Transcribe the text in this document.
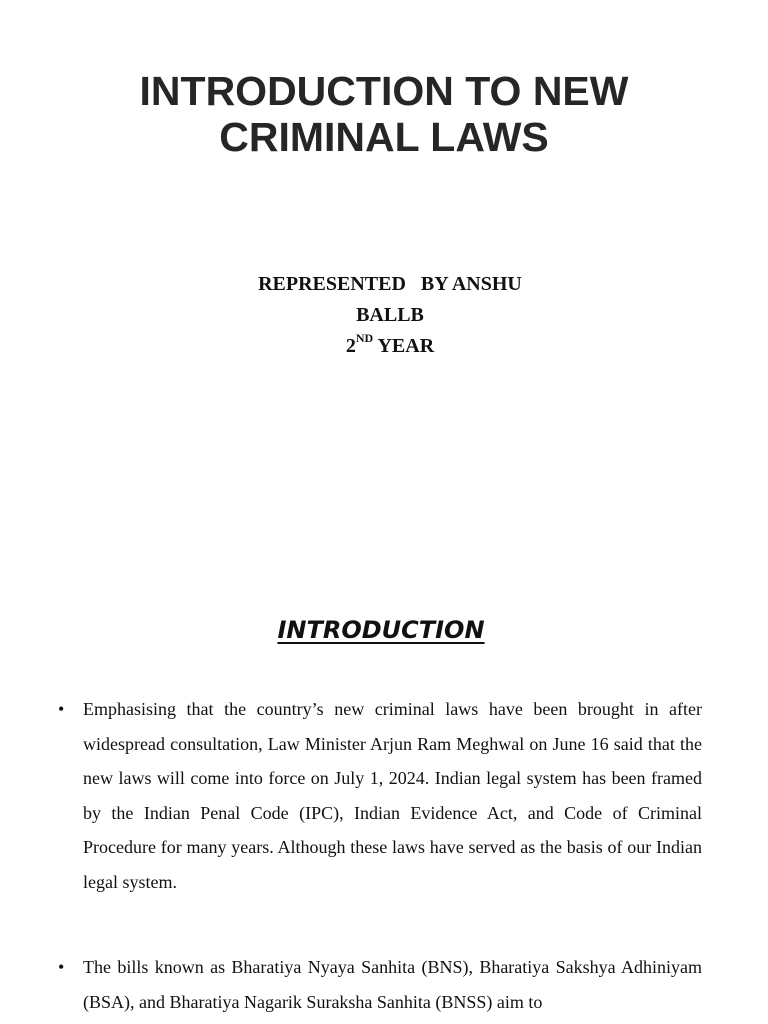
INTRODUCTION TO NEW
CRIMINAL LAWS
REPRESENTED   BY ANSHU
BALLB
2ND YEAR
INTRODUCTION
• Emphasising that the country’s new criminal laws have been brought in after widespread consultation, Law Minister Arjun Ram Meghwal on June 16 said that the new laws will come into force on July 1, 2024. Indian legal system has been framed by the Indian Penal Code (IPC), Indian Evidence Act, and Code of Criminal Procedure for many years. Although these laws have served as the basis of our Indian legal system.
• The bills known as Bharatiya Nyaya Sanhita (BNS), Bharatiya Sakshya Adhiniyam (BSA), and Bharatiya Nagarik Suraksha Sanhita (BNSS) aim to
